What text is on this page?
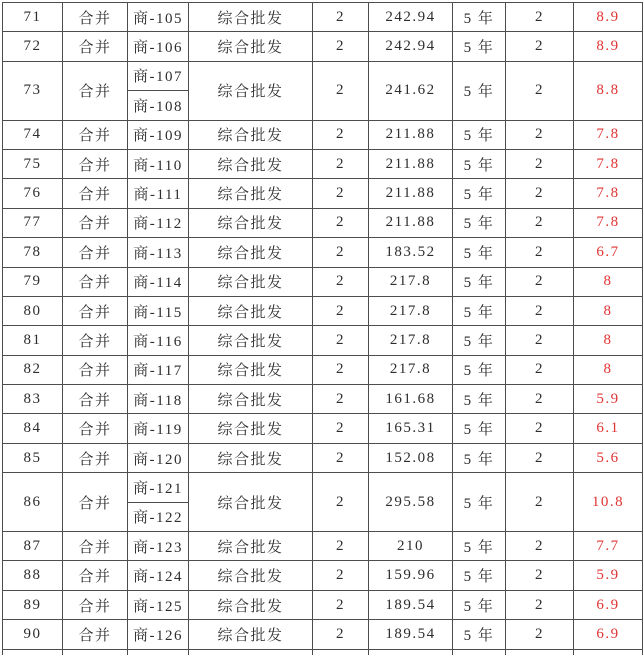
71	合并	商-105	综合批发	2	242.94	5 年	2	8.9
72	合并	商-106	综合批发	2	242.94	5 年	2	8.9
73	合并	商-107	综合批发	2	241.62	5 年	2	8.8
		商-108						
74	合并	商-109	综合批发	2	211.88	5 年	2	7.8
75	合并	商-110	综合批发	2	211.88	5 年	2	7.8
76	合并	商-111	综合批发	2	211.88	5 年	2	7.8
77	合并	商-112	综合批发	2	211.88	5 年	2	7.8
78	合并	商-113	综合批发	2	183.52	5 年	2	6.7
79	合并	商-114	综合批发	2	217.8	5 年	2	8
80	合并	商-115	综合批发	2	217.8	5 年	2	8
81	合并	商-116	综合批发	2	217.8	5 年	2	8
82	合并	商-117	综合批发	2	217.8	5 年	2	8
83	合并	商-118	综合批发	2	161.68	5 年	2	5.9
84	合并	商-119	综合批发	2	165.31	5 年	2	6.1
85	合并	商-120	综合批发	2	152.08	5 年	2	5.6
86	合并	商-121	综合批发	2	295.58	5 年	2	10.8
		商-122						
87	合并	商-123	综合批发	2	210	5 年	2	7.7
88	合并	商-124	综合批发	2	159.96	5 年	2	5.9
89	合并	商-125	综合批发	2	189.54	5 年	2	6.9
90	合并	商-126	综合批发	2	189.54	5 年	2	6.9
